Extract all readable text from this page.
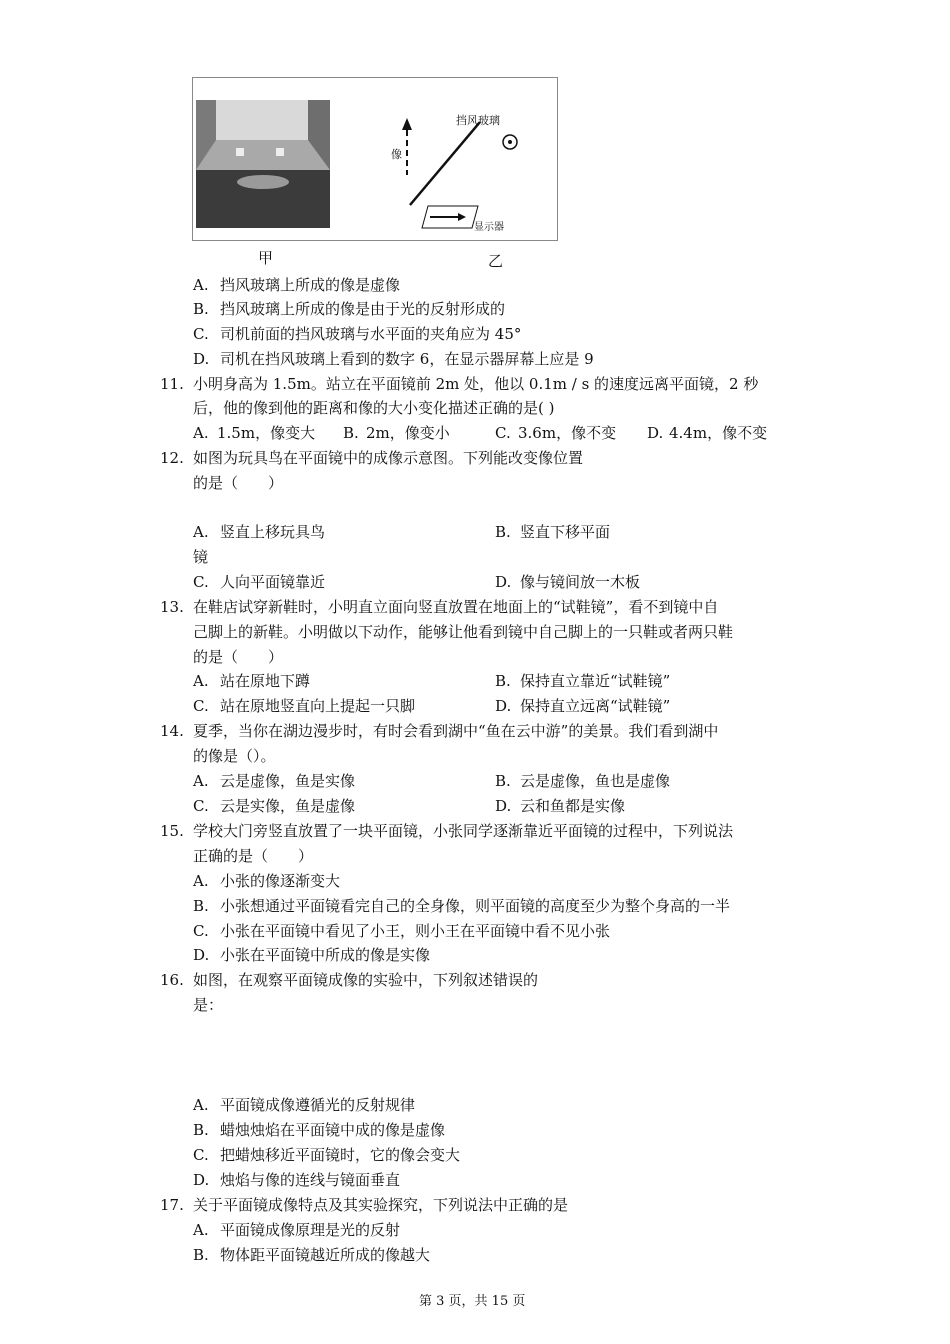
挡风玻璃
像
显示器
甲	乙
A. 挡风玻璃上所成的像是虚像
B. 挡风玻璃上所成的像是由于光的反射形成的
C. 司机前面的挡风玻璃与水平面的夹角应为 45°
D. 司机在挡风玻璃上看到的数字 6，在显示器屏幕上应是 9
11. 小明身高为 1.5m。站立在平面镜前 2m 处，他以 0.1m / s 的速度远离平面镜，2 秒
后，他的像到他的距离和像的大小变化描述正确的是( )
A. 1.5m，像变大 B. 2m，像变小	C. 3.6m，像不变 D. 4.4m，像不变
12. 如图为玩具鸟在平面镜中的成像示意图。下列能改变像位置
的是（　　）
A. 竖直上移玩具鸟	B. 竖直下移平面
镜
C. 人向平面镜靠近	D. 像与镜间放一木板
13. 在鞋店试穿新鞋时，小明直立面向竖直放置在地面上的“试鞋镜”，看不到镜中自
己脚上的新鞋。小明做以下动作，能够让他看到镜中自己脚上的一只鞋或者两只鞋
的是（　　）
A. 站在原地下蹲	B. 保持直立靠近“试鞋镜”
C. 站在原地竖直向上提起一只脚	D. 保持直立远离“试鞋镜”
14. 夏季，当你在湖边漫步时，有时会看到湖中“鱼在云中游”的美景。我们看到湖中
的像是（）。
A. 云是虚像，鱼是实像	B. 云是虚像，鱼也是虚像
C. 云是实像，鱼是虚像	D. 云和鱼都是实像
15. 学校大门旁竖直放置了一块平面镜，小张同学逐渐靠近平面镜的过程中，下列说法
正确的是（　　）
A. 小张的像逐渐变大
B. 小张想通过平面镜看完自己的全身像，则平面镜的高度至少为整个身高的一半
C. 小张在平面镜中看见了小王，则小王在平面镜中看不见小张
D. 小张在平面镜中所成的像是实像
16. 如图，在观察平面镜成像的实验中，下列叙述错误的
是：
A. 平面镜成像遵循光的反射规律
B. 蜡烛烛焰在平面镜中成的像是虚像
C. 把蜡烛移近平面镜时，它的像会变大
D. 烛焰与像的连线与镜面垂直
17. 关于平面镜成像特点及其实验探究，下列说法中正确的是
A. 平面镜成像原理是光的反射
B. 物体距平面镜越近所成的像越大
第 3 页，共 15 页
